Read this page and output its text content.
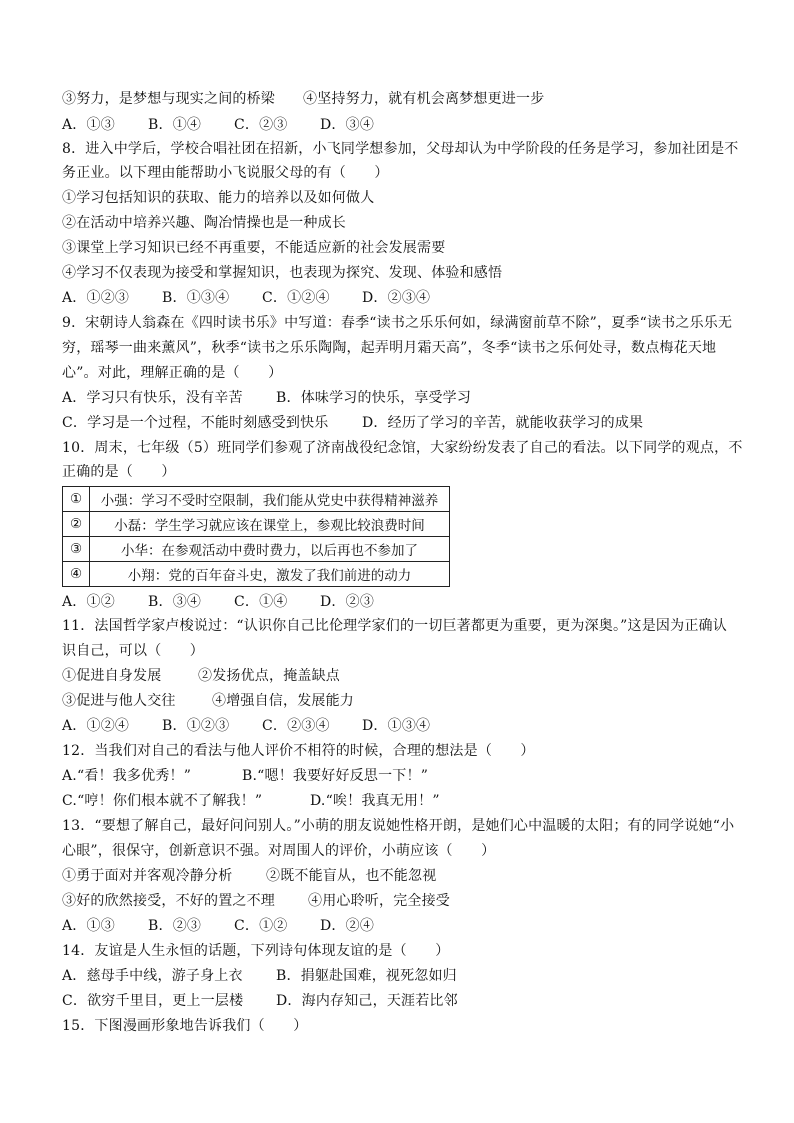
③努力，是梦想与现实之间的桥梁 ④坚持努力，就有机会离梦想更进一步
A．①③ B．①④ C．②③ D．③④
8．进入中学后，学校合唱社团在招新，小飞同学想参加，父母却认为中学阶段的任务是学习，参加社团是不
务正业。以下理由能帮助小飞说服父母的有（　　）
①学习包括知识的获取、能力的培养以及如何做人
②在活动中培养兴趣、陶冶情操也是一种成长
③课堂上学习知识已经不再重要，不能适应新的社会发展需要
④学习不仅表现为接受和掌握知识，也表现为探究、发现、体验和感悟
A．①②③ B．①③④ C．①②④ D．②③④
9．宋朝诗人翁森在《四时读书乐》中写道：春季“读书之乐乐何如，绿满窗前草不除”，夏季“读书之乐乐无
穷，瑶琴一曲来薰风”，秋季“读书之乐乐陶陶，起弄明月霜天高”，冬季“读书之乐何处寻，数点梅花天地
心”。对此，理解正确的是（　　）
A．学习只有快乐，没有辛苦 B．体味学习的快乐，享受学习
C．学习是一个过程，不能时刻感受到快乐 D．经历了学习的辛苦，就能收获学习的成果
10．周末，七年级（5）班同学们参观了济南战役纪念馆，大家纷纷发表了自己的看法。以下同学的观点，不
正确的是（　　）
①	小强：学习不受时空限制，我们能从党史中获得精神滋养
②	小磊：学生学习就应该在课堂上，参观比较浪费时间
③	小华：在参观活动中费时费力，以后再也不参加了
④	小翔：党的百年奋斗史，激发了我们前进的动力
A．①② B．③④ C．①④ D．②③
11．法国哲学家卢梭说过：“认识你自己比伦理学家们的一切巨著都更为重要，更为深奥。”这是因为正确认
识自己，可以（　　）
①促进自身发展	②发扬优点，掩盖缺点
③促进与他人交往	④增强自信，发展能力
A．①②④ B．①②③ C．②③④ D．①③④
12．当我们对自己的看法与他人评价不相符的时候，合理的想法是（　　）
A.“看！我多优秀！”	B.“嗯！我要好好反思一下！”
C.“哼！你们根本就不了解我！”	D.“唉！我真无用！”
13．“要想了解自己，最好问问别人。”小萌的朋友说她性格开朗，是她们心中温暖的太阳；有的同学说她“小
心眼”，很保守，创新意识不强。对周围人的评价，小萌应该（　　）
①勇于面对并客观冷静分析 ②既不能盲从，也不能忽视
③好的欣然接受，不好的置之不理 ④用心聆听，完全接受
A．①③ B．②③ C．①② D．②④
14．友谊是人生永恒的话题，下列诗句体现友谊的是（　　）
A．慈母手中线，游子身上衣 B．捐躯赴国难，视死忽如归
C．欲穷千里目，更上一层楼 D．海内存知己，天涯若比邻
15．下图漫画形象地告诉我们（　　）
